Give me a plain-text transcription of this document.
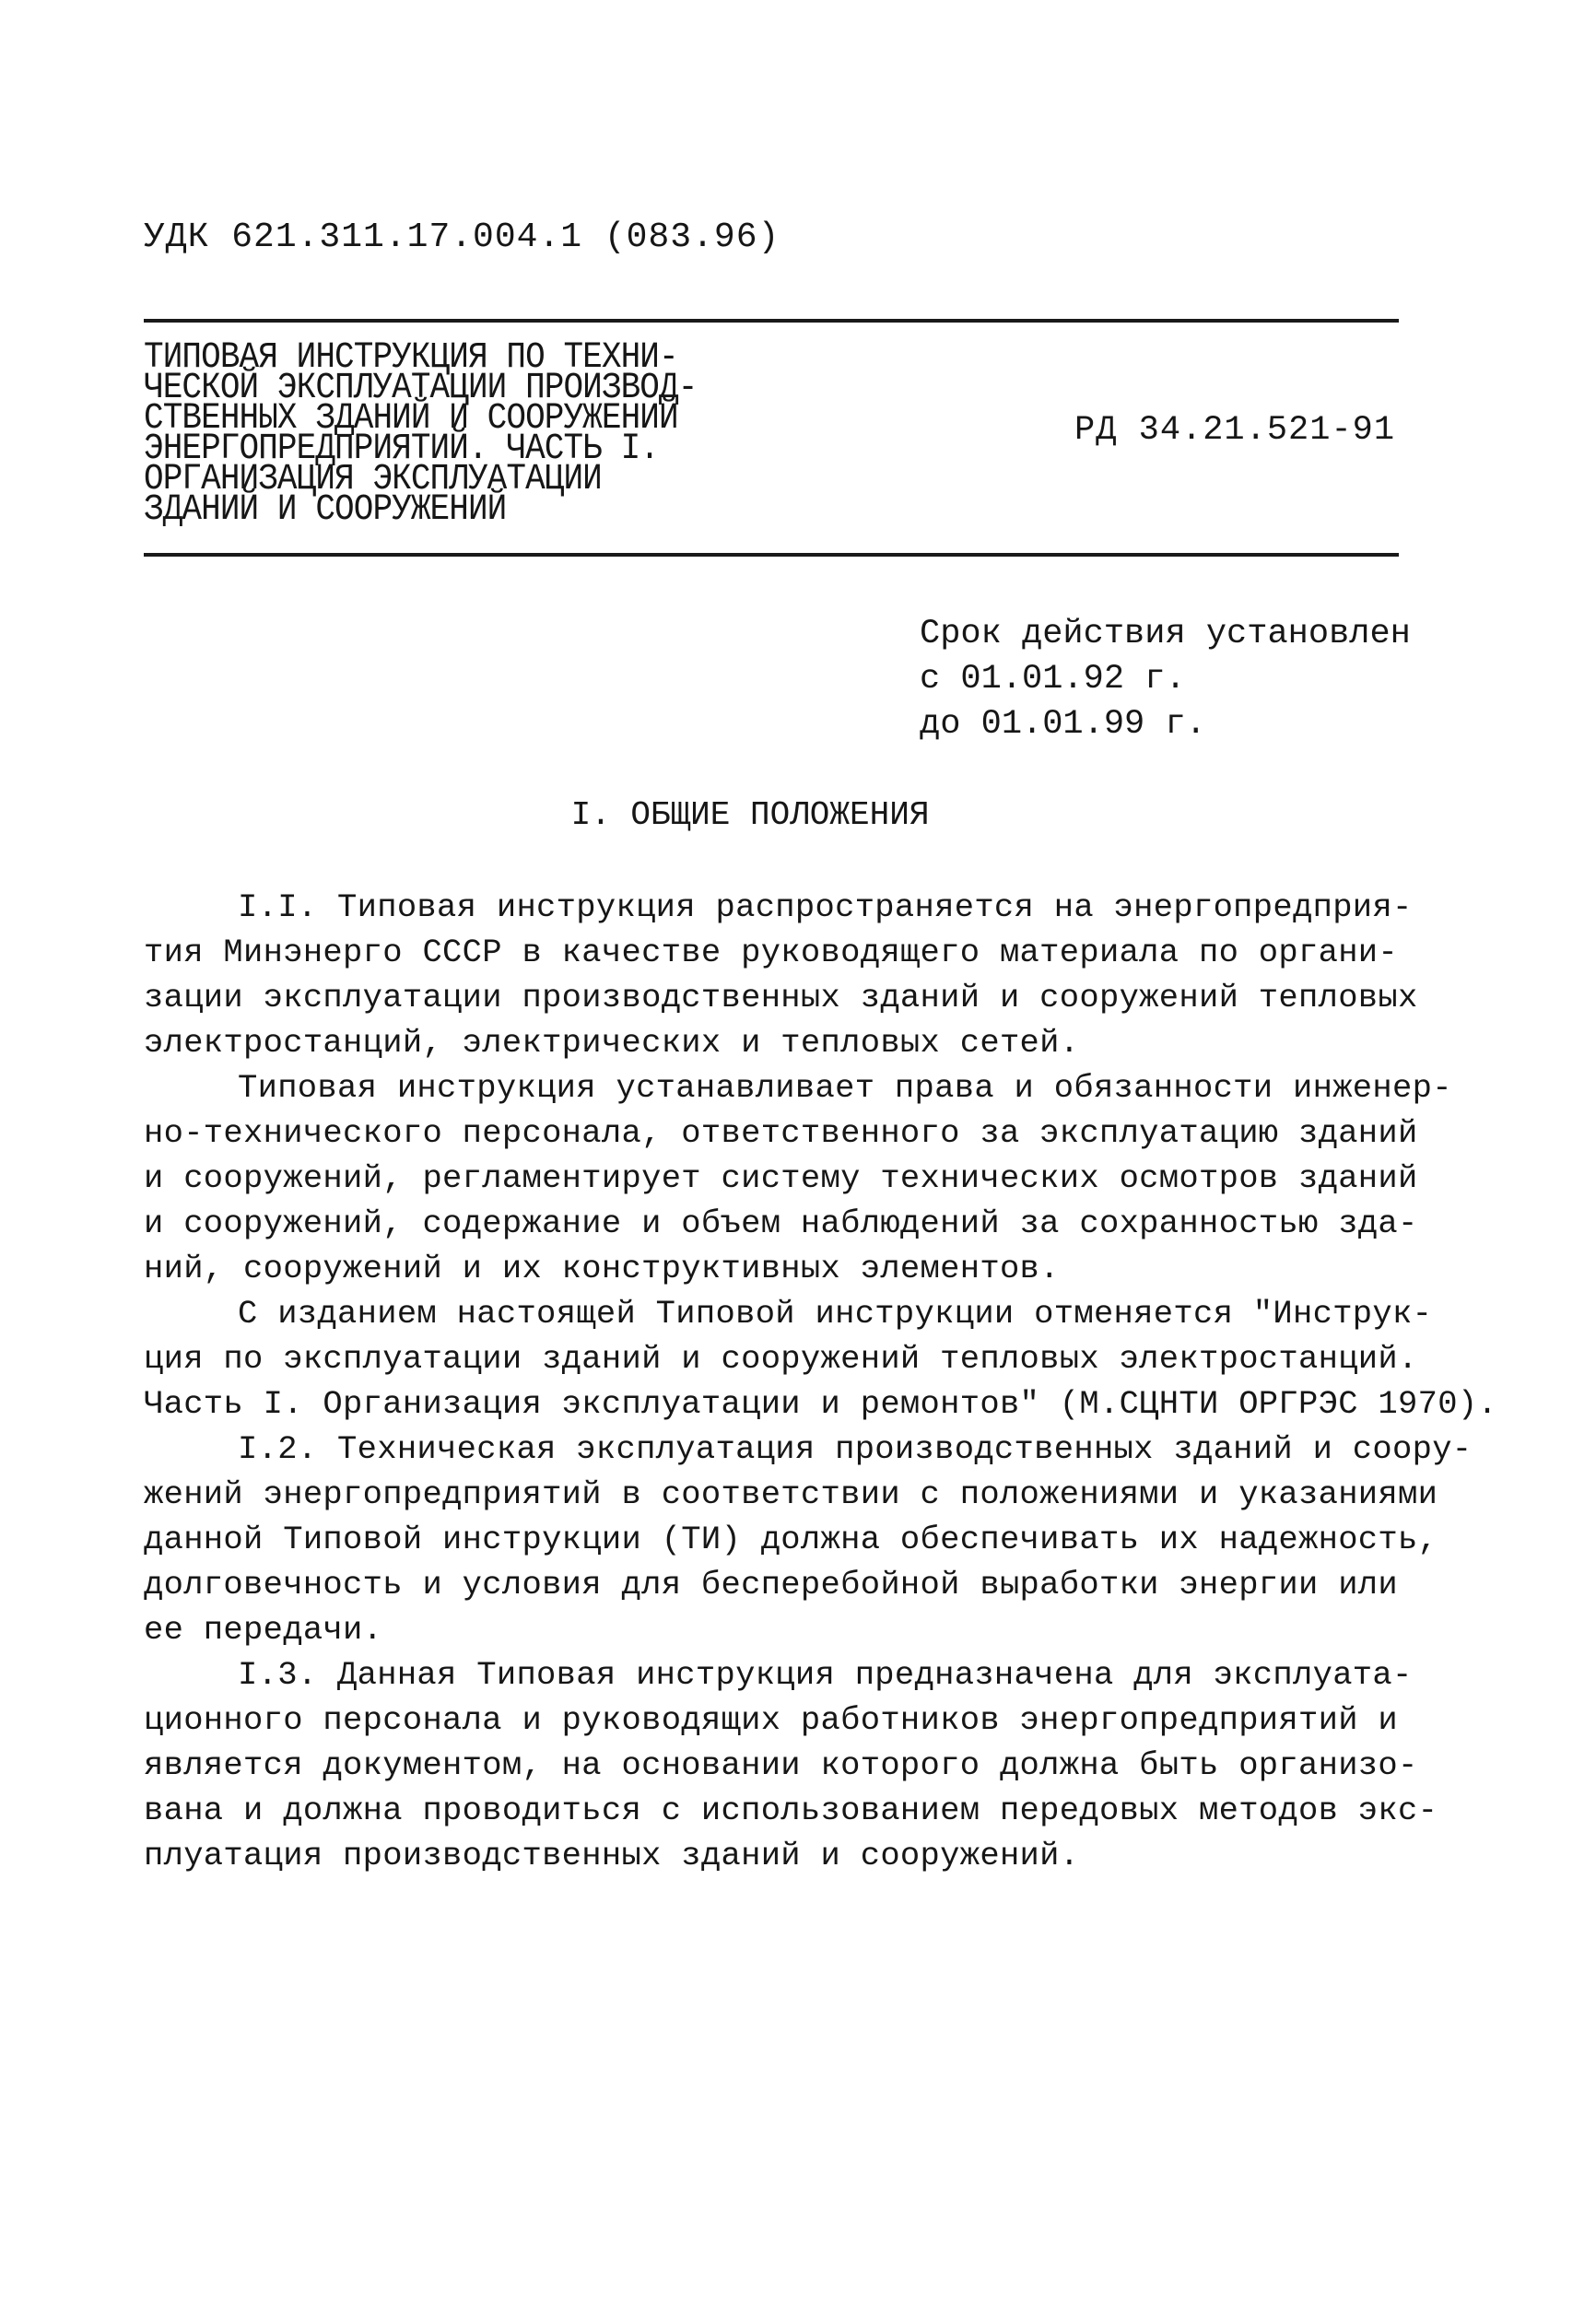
УДК 621.311.17.004.1 (083.96)
ТИПОВАЯ ИНСТРУКЦИЯ ПО ТЕХНИ-
ЧЕСКОЙ ЭКСПЛУАТАЦИИ ПРОИЗВОД-
СТВЕННЫХ ЗДАНИЙ И СООРУЖЕНИЙ
ЭНЕРГОПРЕДПРИЯТИЙ. ЧАСТЬ I.
ОРГАНИЗАЦИЯ ЭКСПЛУАТАЦИИ
ЗДАНИЙ И СООРУЖЕНИЙ
РД 34.21.521-91
Срок действия установлен
с 01.01.92 г.
до 01.01.99 г.
I. ОБЩИЕ ПОЛОЖЕНИЯ
I.I. Типовая инструкция распространяется на энергопредприя-
тия Минэнерго СССР в качестве руководящего материала по органи-
зации эксплуатации производственных зданий и сооружений тепловых
электростанций, электрических и тепловых сетей.
Типовая инструкция устанавливает права и обязанности инженер-
но-технического персонала, ответственного за эксплуатацию зданий
и сооружений, регламентирует систему технических осмотров зданий
и сооружений, содержание и объем наблюдений за сохранностью зда-
ний, сооружений и их конструктивных элементов.
С изданием настоящей Типовой инструкции отменяется "Инструк-
ция по эксплуатации зданий и сооружений тепловых электростанций.
Часть I. Организация эксплуатации и ремонтов" (М.СЦНТИ ОРГРЭС 1970).
I.2. Техническая эксплуатация производственных зданий и соору-
жений энергопредприятий в соответствии с положениями и указаниями
данной Типовой инструкции (ТИ) должна обеспечивать их надежность,
долговечность и условия для бесперебойной выработки энергии или
ее передачи.
I.3. Данная Типовая инструкция предназначена для эксплуата-
ционного персонала и руководящих работников энергопредприятий и
является документом, на основании которого должна быть организо-
вана и должна проводиться с использованием передовых методов экс-
плуатация производственных зданий и сооружений.
